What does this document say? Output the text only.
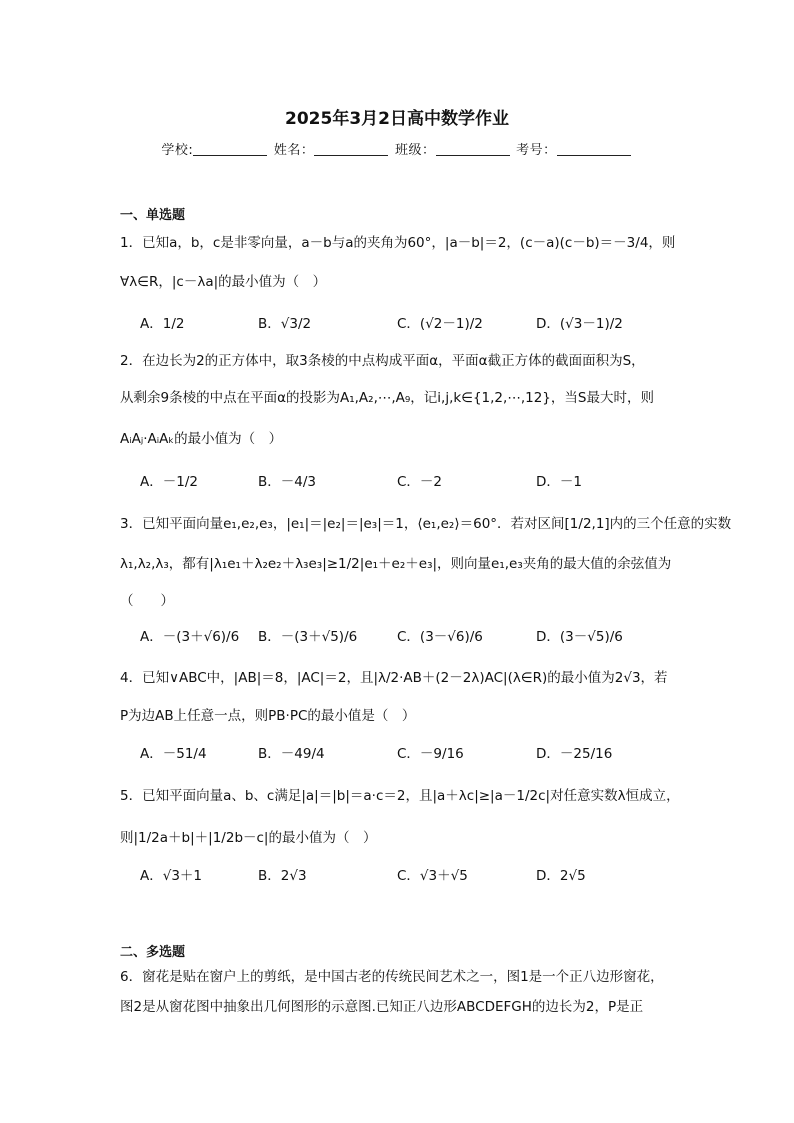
2025年3月2日高中数学作业
学校:	姓名：	班级：	考号：
一、单选题
1．已知a，b，c是非零向量，a－b与a的夹角为60°，|a－b|＝2，(c－a)(c－b)＝－3/4，则
∀λ∈R，|c－λa|的最小值为（　）
A．1/2	B．√3/2	C．(√2－1)/2	D．(√3－1)/2
2．在边长为2的正方体中，取3条棱的中点构成平面α，平面α截正方体的截面面积为S，
从剩余9条棱的中点在平面α的投影为A₁,A₂,⋯,A₉，记i,j,k∈{1,2,⋯,12}，当S最大时，则
AᵢAⱼ·AᵢAₖ的最小值为（　）
A．－1/2	B．－4/3	C．－2	D．－1
3．已知平面向量e₁,e₂,e₃，|e₁|＝|e₂|＝|e₃|＝1，⟨e₁,e₂⟩＝60°．若对区间[1/2,1]内的三个任意的实数
λ₁,λ₂,λ₃，都有|λ₁e₁＋λ₂e₂＋λ₃e₃|≥1/2|e₁＋e₂＋e₃|，则向量e₁,e₃夹角的最大值的余弦值为
（　　）
A．－(3＋√6)/6 B．－(3＋√5)/6	C．(3－√6)/6	D．(3－√5)/6
4．已知∨ABC中，|AB|＝8，|AC|＝2，且|λ/2·AB＋(2－2λ)AC|(λ∈R)的最小值为2√3，若
P为边AB上任意一点，则PB·PC的最小值是（　）
A．－51/4	B．－49/4	C．－9/16	D．－25/16
5．已知平面向量a、b、c满足|a|＝|b|＝a·c＝2，且|a＋λc|≥|a－1/2c|对任意实数λ恒成立，
则|1/2a＋b|＋|1/2b－c|的最小值为（　）
A．√3＋1	B．2√3	C．√3＋√5	D．2√5
二、多选题
6．窗花是贴在窗户上的剪纸，是中国古老的传统民间艺术之一，图1是一个正八边形窗花，
图2是从窗花图中抽象出几何图形的示意图.已知正八边形ABCDEFGH的边长为2，P是正
